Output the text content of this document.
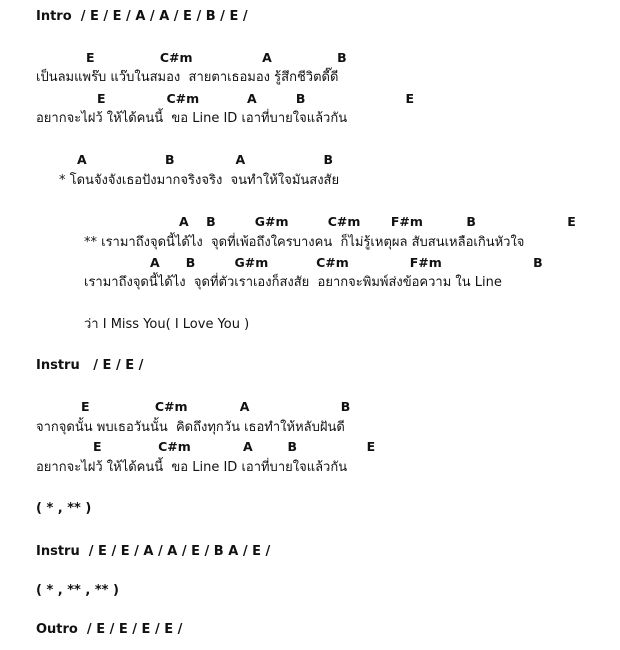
Intro  / E / E / A / A / E / B / E /
E               C#m                A               B
เป็นลมแพร๊บ แว๊บในสมอง  สายตาเธอมอง รู้สึกชีวิตดี๊ดี
E              C#m           A         B                       E
อยากจะไฝว้ ให้ได้คนนี้  ขอ Line ID เอาที่บายใจแล้วกัน
A                  B              A                  B
* โดนจังจังเธอปังมากจริงจริง  จนทำให้ใจมันสงสัย
A    B         G#m         C#m       F#m          B                     E
** เรามาถึงจุดนี้ได้ไง  จุดที่เพ้อถึงใครบางคน  ก็ไม่รู้เหตุผล สับสนเหลือเกินหัวใจ
A      B         G#m           C#m              F#m                     B
เรามาถึงจุดนี้ได้ไง  จุดที่ตัวเราเองก็สงสัย  อยากจะพิมพ์ส่งข้อความ ใน Line
ว่า I Miss You( I Love You )
Instru   / E / E /
E               C#m            A                     B
จากจุดนั้น พบเธอวันนั้น  คิดถึงทุกวัน เธอทำให้หลับฝันดี
E             C#m            A        B                E
อยากจะไฝว้ ให้ได้คนนี้  ขอ Line ID เอาที่บายใจแล้วกัน
( * , ** )
Instru  / E / E / A / A / E / B A / E /
( * , ** , ** )
Outro  / E / E / E / E /
